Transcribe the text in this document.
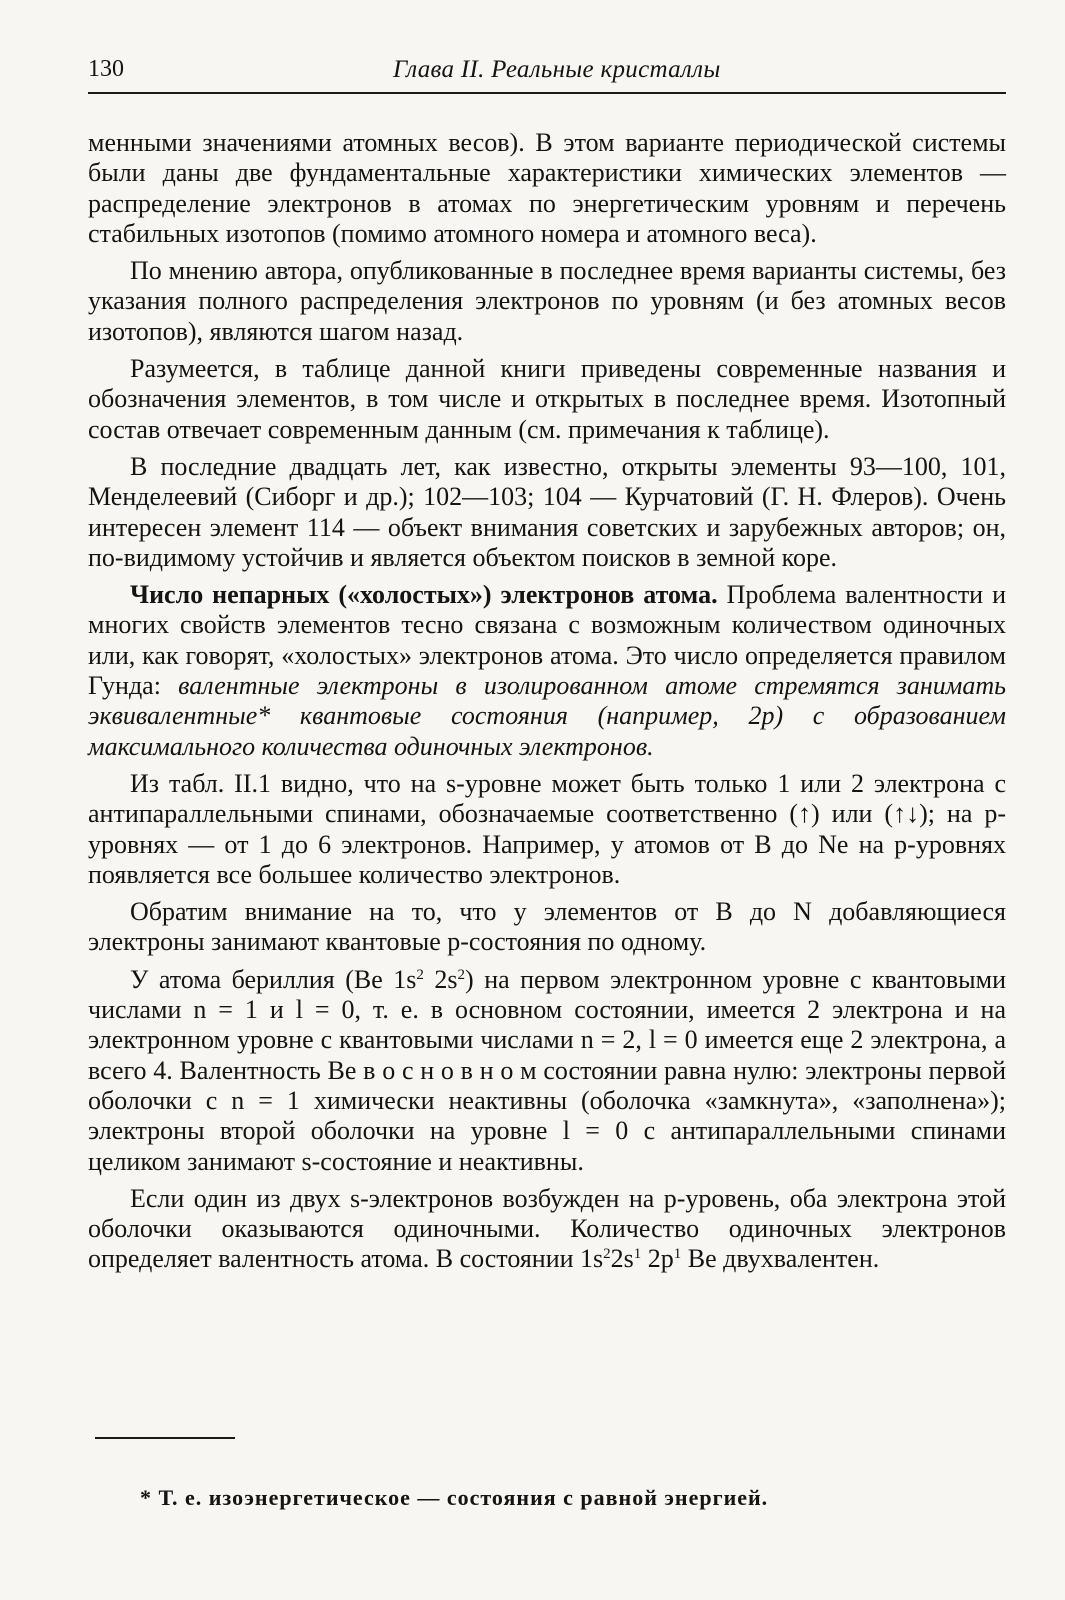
130	Глава II. Реальные кристаллы

менными значениями атомных весов). В этом варианте периодической системы были даны две фундаментальные характеристики химических элементов — распределение электронов в атомах по энергетическим уровням и перечень стабильных изотопов (помимо атомного номера и атомного веса).

По мнению автора, опубликованные в последнее время варианты системы, без указания полного распределения электронов по уровням (и без атомных весов изотопов), являются шагом назад.

Разумеется, в таблице данной книги приведены современные названия и обозначения элементов, в том числе и открытых в последнее время. Изотопный состав отвечает современным данным (см. примечания к таблице).

В последние двадцать лет, как известно, открыты элементы 93—100, 101, Менделеевий (Сиборг и др.); 102—103; 104 — Курчатовий (Г. Н. Флеров). Очень интересен элемент 114 — объект внимания советских и зарубежных авторов; он, по-видимому устойчив и является объектом поисков в земной коре.

Число непарных («холостых») электронов атома. Проблема валентности и многих свойств элементов тесно связана с возможным количеством одиночных или, как говорят, «холостых» электронов атома. Это число определяется правилом Гунда: валентные электроны в изолированном атоме стремятся занимать эквивалентные* квантовые состояния (например, 2p) с образованием максимального количества одиночных электронов.

Из табл. II.1 видно, что на s-уровне может быть только 1 или 2 электрона с антипараллельными спинами, обозначаемые соответственно (↑) или (↑↓); на p-уровнях — от 1 до 6 электронов. Например, у атомов от B до Ne на p-уровнях появляется все большее количество электронов.

Обратим внимание на то, что у элементов от B до N добавляющиеся электроны занимают квантовые p-состояния по одному.

У атома бериллия (Be $1s^2$ $2s^2$) на первом электронном уровне с квантовыми числами n = 1 и l = 0, т. е. в основном состоянии, имеется 2 электрона и на электронном уровне с квантовыми числами n = 2, l = 0 имеется еще 2 электрона, а всего 4. Валентность Be в о с н о в н о м состоянии равна нулю: электроны первой оболочки с n = 1 химически неактивны (оболочка «замкнута», «заполнена»); электроны второй оболочки на уровне l = 0 с антипараллельными спинами целиком занимают s-состояние и неактивны.

Если один из двух s-электронов возбужден на p-уровень, оба электрона этой оболочки оказываются одиночными. Количество одиночных электронов определяет валентность атома. В состоянии $1s^22s^1$ $2p^1$ Be двухвалентен.

* Т. е. изоэнергетическое — состояния с равной энергией.
